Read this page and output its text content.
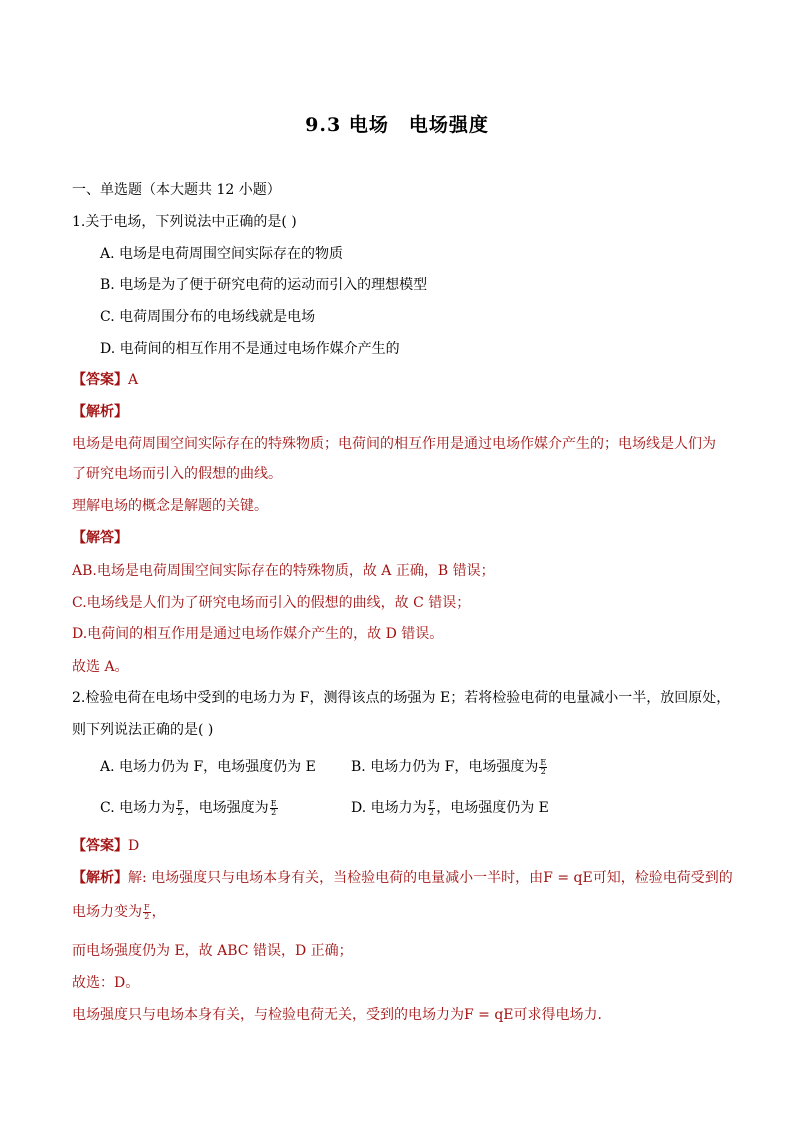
9.3 电场　电场强度
一、单选题（本大题共 12 小题）
1.关于电场，下列说法中正确的是( )
A. 电场是电荷周围空间实际存在的物质
B. 电场是为了便于研究电荷的运动而引入的理想模型
C. 电荷周围分布的电场线就是电场
D. 电荷间的相互作用不是通过电场作媒介产生的
【答案】A
【解析】
电场是电荷周围空间实际存在的特殊物质；电荷间的相互作用是通过电场作媒介产生的；电场线是人们为
了研究电场而引入的假想的曲线。
理解电场的概念是解题的关键。
【解答】
AB.电场是电荷周围空间实际存在的特殊物质，故 A 正确，B 错误；
C.电场线是人们为了研究电场而引入的假想的曲线，故 C 错误；
D.电荷间的相互作用是通过电场作媒介产生的，故 D 错误。
故选 A。
2.检验电荷在电场中受到的电场力为 F，测得该点的场强为 E；若将检验电荷的电量减小一半，放回原处，
则下列说法正确的是( )
A. 电场力仍为 F，电场强度仍为 E	B. 电场力仍为 F，电场强度为 $\frac{E}{2}$
C. 电场力为 $\frac{F}{2}$ ，电场强度为 $\frac{E}{2}$	D. 电场力为 $\frac{F}{2}$ ，电场强度仍为 E
【答案】D
【解析】解: 电场强度只与电场本身有关，当检验电荷的电量减小一半时，由F = qE可知，检验电荷受到的
电场力变为 $\frac{F}{2}$ ，
而电场强度仍为 E，故 ABC 错误，D 正确；
故选：D。
电场强度只与电场本身有关，与检验电荷无关，受到的电场力为F = qE可求得电场力．
